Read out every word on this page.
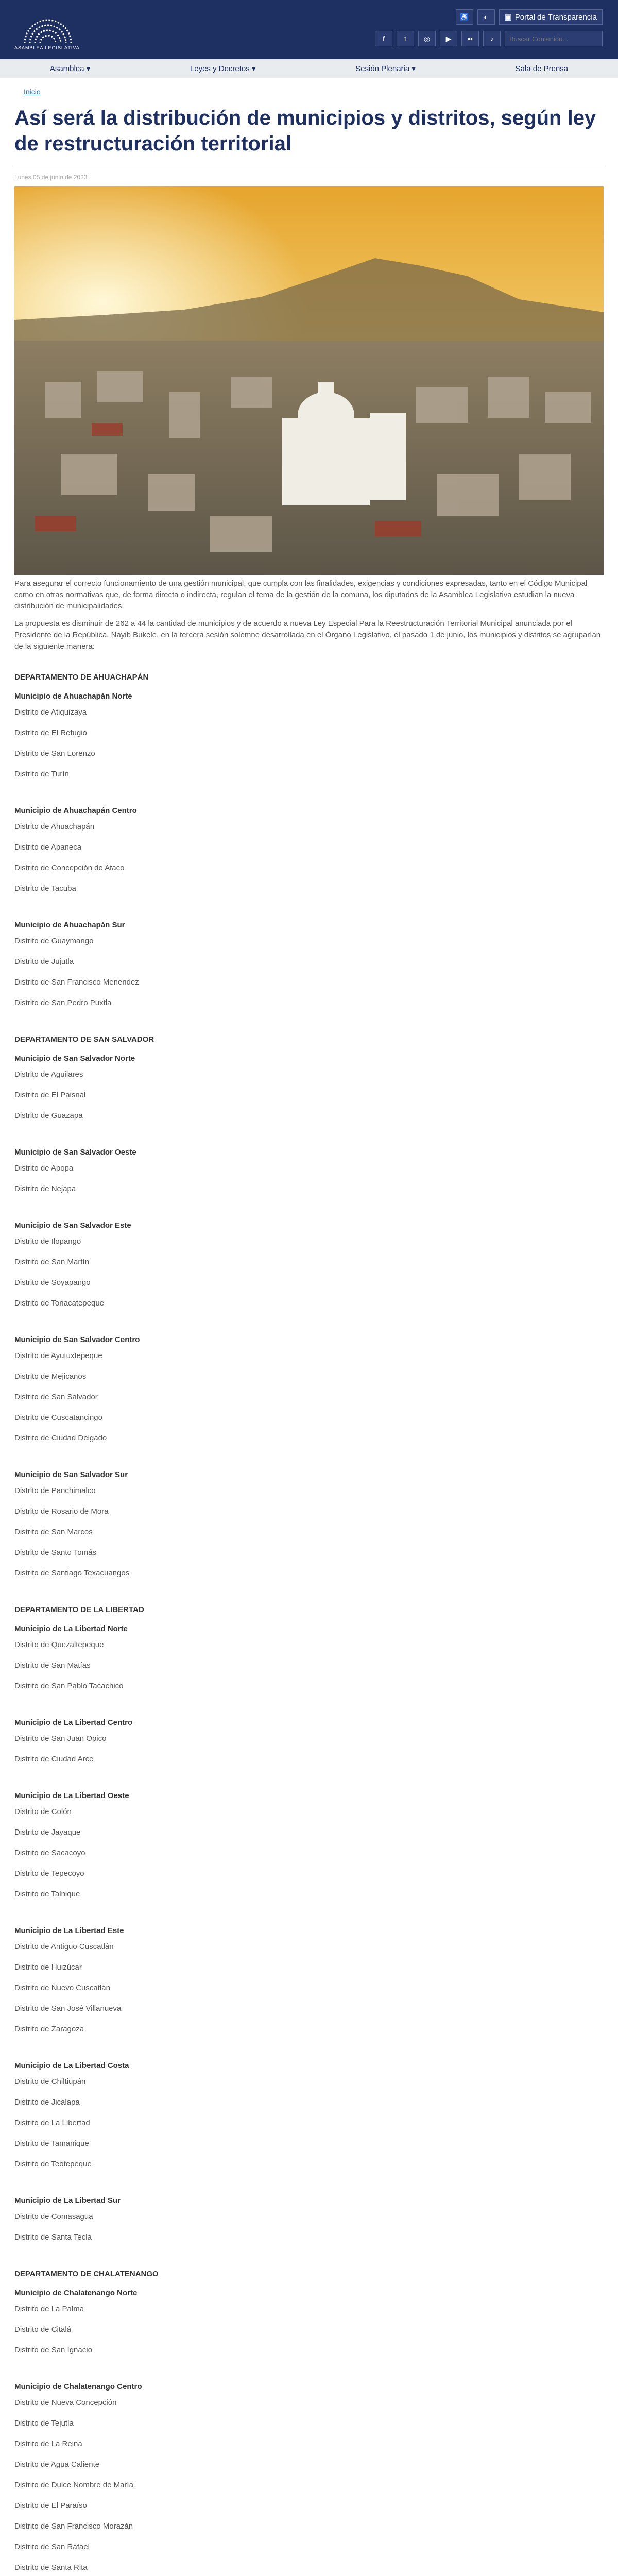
ASAMBLEA LEGISLATIVA
♿	◐	▣ Portal de Transparencia
f	t	◎	▶	••	♪
Buscar Contenido...
Asamblea ▾	Leyes y Decretos ▾	Sesión Plenaria ▾	Sala de Prensa
Inicio
Así será la distribución de municipios y distritos, según ley de restructuración territorial
Lunes 05 de junio de 2023

Para asegurar el correcto funcionamiento de una gestión municipal, que cumpla con las finalidades, exigencias y condiciones expresadas, tanto en el Código Municipal como en otras normativas que, de forma directa o indirecta, regulan el tema de la gestión de la comuna, los diputados de la Asamblea Legislativa estudian la nueva distribución de municipalidades.

La propuesta es disminuir de 262 a 44 la cantidad de municipios y de acuerdo a nueva Ley Especial Para la Reestructuración Territorial Municipal anunciada por el Presidente de la República, Nayib Bukele, en la tercera sesión solemne desarrollada en el Órgano Legislativo, el pasado 1 de junio, los municipios y distritos se agruparían de la siguiente manera:

DEPARTAMENTO DE AHUACHAPÁN
Municipio de Ahuachapán Norte
Distrito de Atiquizaya
Distrito de El Refugio
Distrito de San Lorenzo
Distrito de Turín
Municipio de Ahuachapán Centro
Distrito de Ahuachapán
Distrito de Apaneca
Distrito de Concepción de Ataco
Distrito de Tacuba
Municipio de Ahuachapán Sur
Distrito de Guaymango
Distrito de Jujutla
Distrito de San Francisco Menendez
Distrito de San Pedro Puxtla
DEPARTAMENTO DE SAN SALVADOR
Municipio de San Salvador Norte
Distrito de Aguilares
Distrito de El Paisnal
Distrito de Guazapa
Municipio de San Salvador Oeste
Distrito de Apopa
Distrito de Nejapa
Municipio de San Salvador Este
Distrito de Ilopango
Distrito de San Martín
Distrito de Soyapango
Distrito de Tonacatepeque
Municipio de San Salvador Centro
Distrito de Ayutuxtepeque
Distrito de Mejicanos
Distrito de San Salvador
Distrito de Cuscatancingo
Distrito de Ciudad Delgado
Municipio de San Salvador Sur
Distrito de Panchimalco
Distrito de Rosario de Mora
Distrito de San Marcos
Distrito de Santo Tomás
Distrito de Santiago Texacuangos
DEPARTAMENTO DE LA LIBERTAD
Municipio de La Libertad Norte
Distrito de Quezaltepeque
Distrito de San Matías
Distrito de San Pablo Tacachico
Municipio de La Libertad Centro
Distrito de San Juan Opico
Distrito de Ciudad Arce
Municipio de La Libertad Oeste
Distrito de Colón
Distrito de Jayaque
Distrito de Sacacoyo
Distrito de Tepecoyo
Distrito de Talnique
Municipio de La Libertad Este
Distrito de Antiguo Cuscatlán
Distrito de Huizúcar
Distrito de Nuevo Cuscatlán
Distrito de San José Villanueva
Distrito de Zaragoza
Municipio de La Libertad Costa
Distrito de Chiltiupán
Distrito de Jicalapa
Distrito de La Libertad
Distrito de Tamanique
Distrito de Teotepeque
Municipio de La Libertad Sur
Distrito de Comasagua
Distrito de Santa Tecla
DEPARTAMENTO DE CHALATENANGO
Municipio de Chalatenango Norte
Distrito de La Palma
Distrito de Citalá
Distrito de San Ignacio
Municipio de Chalatenango Centro
Distrito de Nueva Concepción
Distrito de Tejutla
Distrito de La Reina
Distrito de Agua Caliente
Distrito de Dulce Nombre de María
Distrito de El Paraíso
Distrito de San Francisco Morazán
Distrito de San Rafael
Distrito de Santa Rita
